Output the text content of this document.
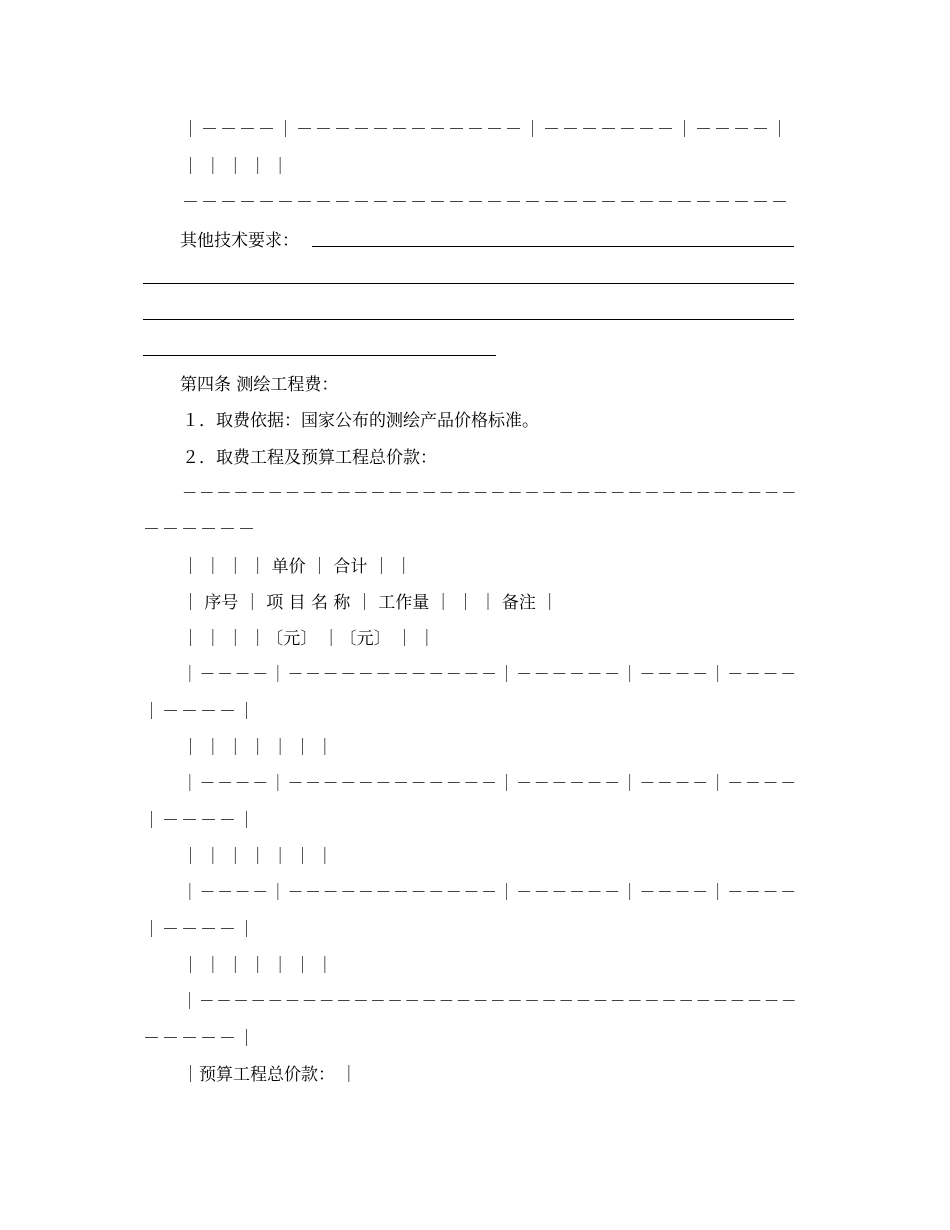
｜－－－－｜－－－－－－－－－－－－｜－－－－－－－｜－－－－｜
｜ ｜ ｜ ｜ ｜
－－－－－－－－－－－－－－－－－－－－－－－－－－－－－－－－
其他技术要求：
第四条 测绘工程费：
１．取费依据：国家公布的测绘产品价格标准。
２．取费工程及预算工程总价款：
－－－－－－－－－－－－－－－－－－－－－－－－－－－－－－－－－－－－
－－－－－－
｜ ｜ ｜ ｜ 单价 ｜ 合计 ｜ ｜
｜ 序号 ｜ 项 目 名 称 ｜ 工作量 ｜ ｜ ｜ 备注 ｜
｜ ｜ ｜ ｜〔元〕 ｜〔元〕 ｜ ｜
｜－－－－｜－－－－－－－－－－－－｜－－－－－－｜－－－－｜－－－－
｜－－－－｜
｜ ｜ ｜ ｜ ｜ ｜ ｜
｜－－－－｜－－－－－－－－－－－－｜－－－－－－｜－－－－｜－－－－
｜－－－－｜
｜ ｜ ｜ ｜ ｜ ｜ ｜
｜－－－－｜－－－－－－－－－－－－｜－－－－－－｜－－－－｜－－－－
｜－－－－｜
｜ ｜ ｜ ｜ ｜ ｜ ｜
｜－－－－－－－－－－－－－－－－－－－－－－－－－－－－－－－－－－－
－－－－－｜
｜预算工程总价款： ｜
